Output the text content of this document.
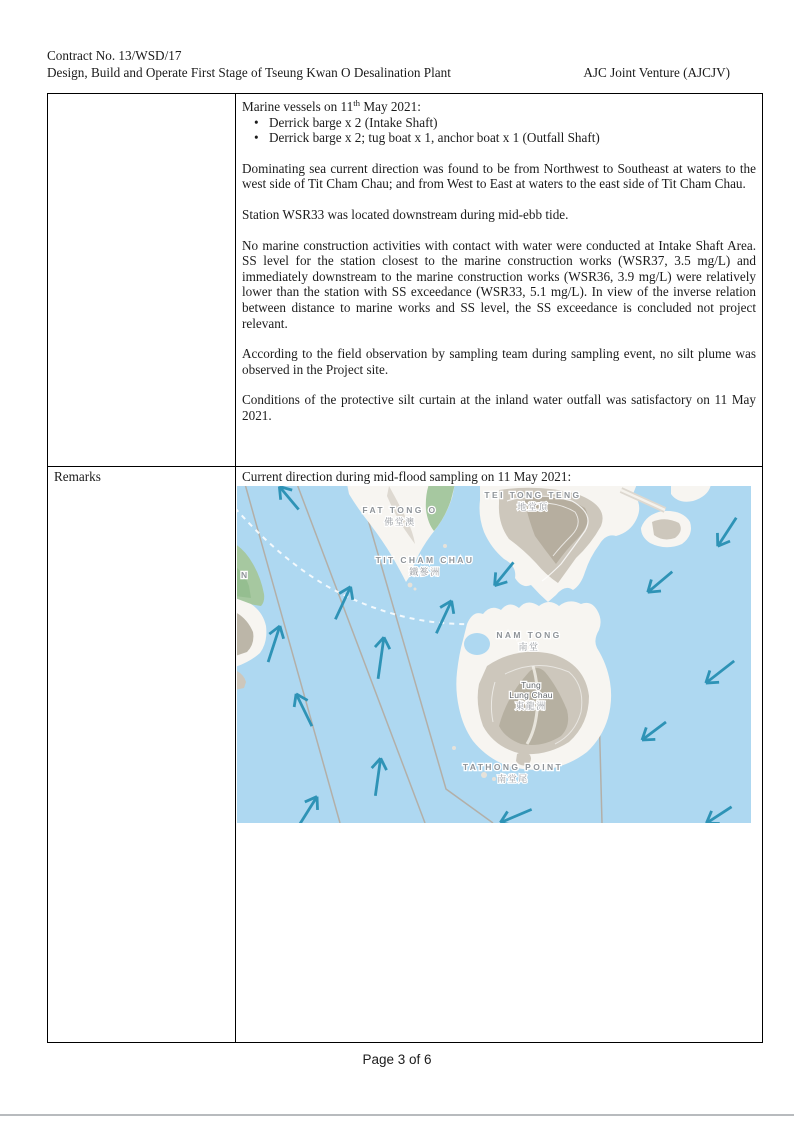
Contract No. 13/WSD/17
Design, Build and Operate First Stage of Tseung Kwan O Desalination Plant	AJC Joint Venture (AJCJV)
Marine vessels on 11th May 2021:
• Derrick barge x 2 (Intake Shaft)
• Derrick barge x 2; tug boat x 1, anchor boat x 1 (Outfall Shaft)
Dominating sea current direction was found to be from Northwest to Southeast at waters to the west side of Tit Cham Chau; and from West to East at waters to the east side of Tit Cham Chau.
Station WSR33 was located downstream during mid-ebb tide.
No marine construction activities with contact with water were conducted at Intake Shaft Area. SS level for the station closest to the marine construction works (WSR37, 3.5 mg/L) and immediately downstream to the marine construction works (WSR36, 3.9 mg/L) were relatively lower than the station with SS exceedance (WSR33, 5.1 mg/L). In view of the inverse relation between distance to marine works and SS level, the SS exceedance is concluded not project relevant.
According to the field observation by sampling team during sampling event, no silt plume was observed in the Project site.
Conditions of the protective silt curtain at the inland water outfall was satisfactory on 11 May 2021.
Remarks	Current direction during mid-flood sampling on 11 May 2021:
FAT TONG O
佛堂澳
TEI TONG TENG
地堂頂
TIT CHAM CHAU
鐵篸洲
NAM TONG
南堂
Tung
Lung Chau
東龍洲
TATHONG POINT
南堂尾
N
Page 3 of 6
